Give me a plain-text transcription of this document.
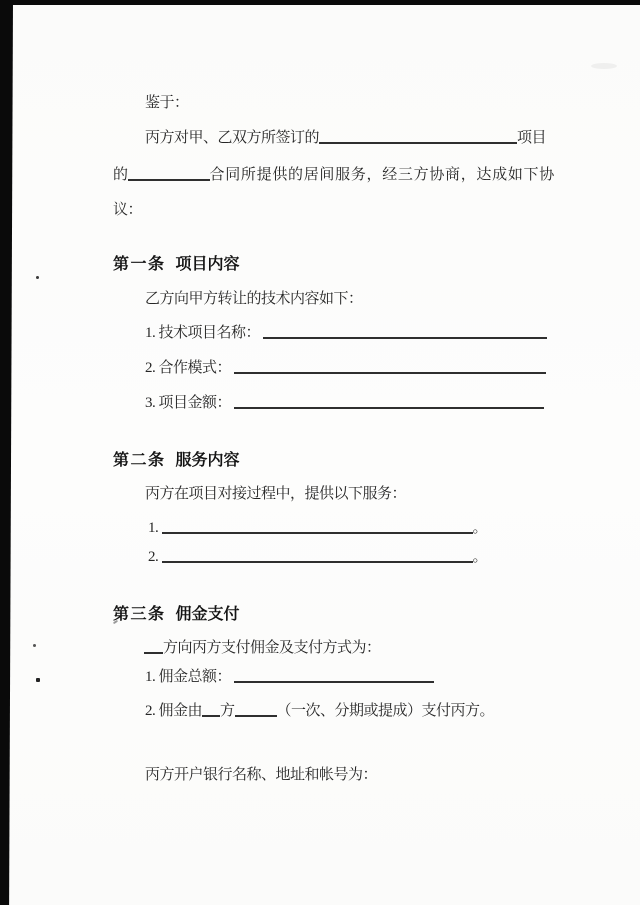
鉴于：
丙方对甲、乙双方所签订的	项目
的	合同所提供的居间服务，经三方协商，达成如下协
议：
第一条 项目内容
乙方向甲方转让的技术内容如下：
1. 技术项目名称：
2. 合作模式：
3. 项目金额：
第二条 服务内容
丙方在项目对接过程中，提供以下服务：
1.	。
2.	。
第三条 佣金支付
方向丙方支付佣金及支付方式为：
1. 佣金总额：
2. 佣金由 方	（一次、分期或提成）支付丙方。
丙方开户银行名称、地址和帐号为：
